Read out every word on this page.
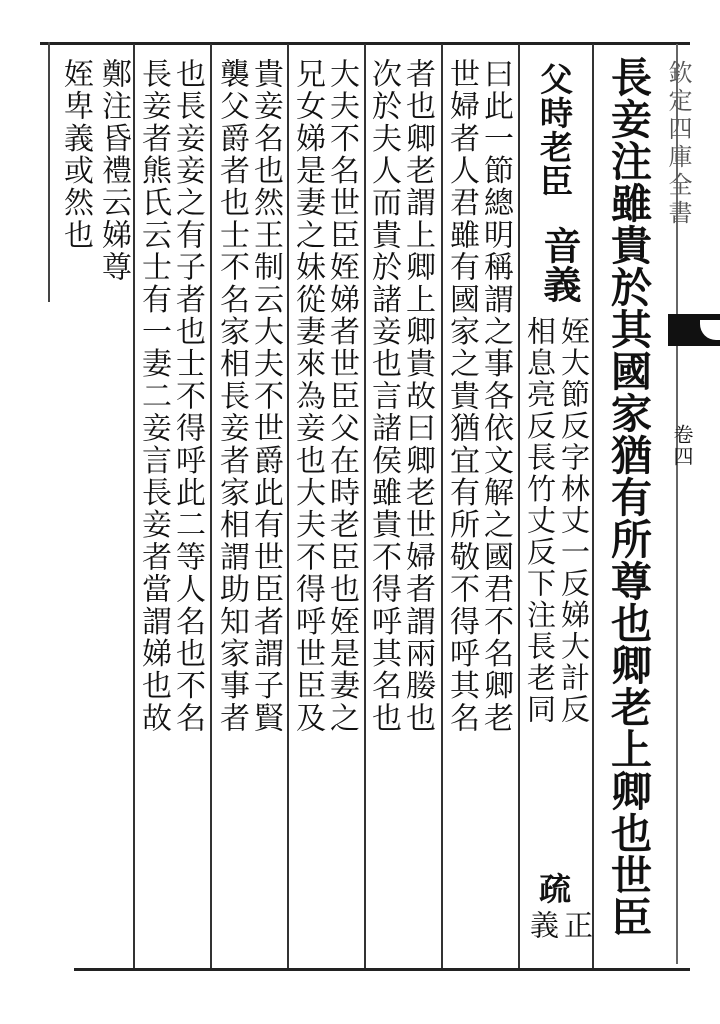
欽定四庫全書
卷四
長妾注雖貴於其國家猶有所尊也卿老上卿也世臣
父時老臣
音義
姪大節反字林丈一反娣大計反
相息亮反長竹丈反下注長老同
疏
正
義
曰此一節總明稱謂之事各依文解之國君不名卿老
世婦者人君雖有國家之貴猶宜有所敬不得呼其名
者也卿老謂上卿上卿貴故曰卿老世婦者謂兩媵也
次於夫人而貴於諸妾也言諸侯雖貴不得呼其名也
大夫不名世臣姪娣者世臣父在時老臣也姪是妻之
兄女娣是妻之妹從妻來為妾也大夫不得呼世臣及
貴妾名也然王制云大夫不世爵此有世臣者謂子賢
襲父爵者也士不名家相長妾者家相謂助知家事者
也長妾妾之有子者也士不得呼此二等人名也不名
長妾者熊氏云士有一妻二妾言長妾者當謂娣也故
鄭注昏禮云娣尊
姪卑義或然也
